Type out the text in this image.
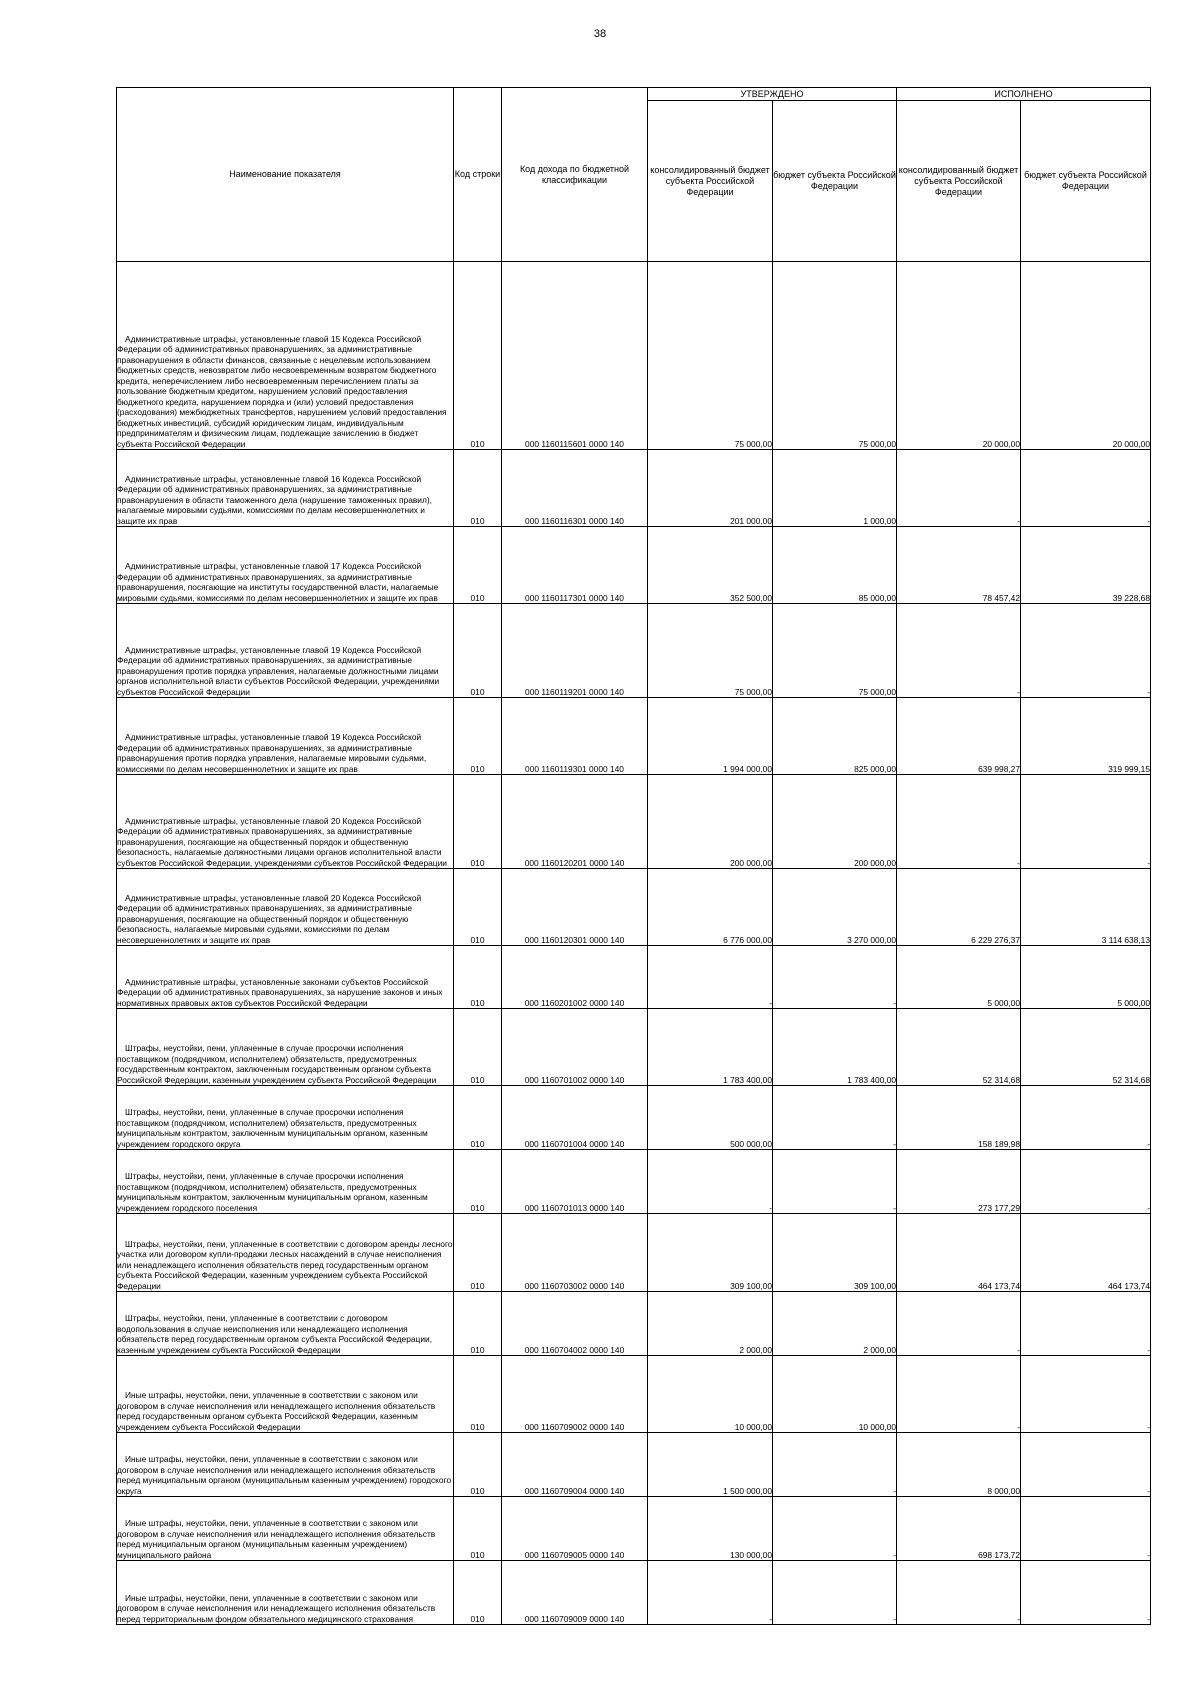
38
Наименование показателя	Код строки	Код дохода по бюджетной классификации	УТВЕРЖДЕНО		ИСПОЛНЕНО	
			консолидированный бюджет субъекта Российской Федерации	бюджет субъекта Российской Федерации	консолидированный бюджет субъекта Российской Федерации	бюджет субъекта Российской Федерации

Административные штрафы, установленные главой 15 Кодекса Российской Федерации об административных правонарушениях, за административные правонарушения в области финансов, связанные с нецелевым использованием бюджетных средств, невозвратом либо несвоевременным возвратом бюджетного кредита, неперечислением либо несвоевременным перечислением платы за пользование бюджетным кредитом, нарушением условий предоставления бюджетного кредита, нарушением порядка и (или) условий предоставления (расходования) межбюджетных трансфертов, нарушением условий предоставления бюджетных инвестиций, субсидий юридическим лицам, индивидуальным предпринимателям и физическим лицам, подлежащие зачислению в бюджет субъекта Российской Федерации	010	000 1160115601 0000 140	75 000,00	75 000,00	20 000,00	20 000,00

Административные штрафы, установленные главой 16 Кодекса Российской Федерации об административных правонарушениях, за административные правонарушения в области таможенного дела (нарушение таможенных правил), налагаемые мировыми судьями, комиссиями по делам несовершеннолетних и защите их прав	010	000 1160116301 0000 140	201 000,00	1 000,00	-	-

Административные штрафы, установленные главой 17 Кодекса Российской Федерации об административных правонарушениях, за административные правонарушения, посягающие на институты государственной власти, налагаемые мировыми судьями, комиссиями по делам несовершеннолетних и защите их прав	010	000 1160117301 0000 140	352 500,00	85 000,00	78 457,42	39 228,68

Административные штрафы, установленные главой 19 Кодекса Российской Федерации об административных правонарушениях, за административные правонарушения против порядка управления, налагаемые должностными лицами органов исполнительной власти субъектов Российской Федерации, учреждениями субъектов Российской Федерации	010	000 1160119201 0000 140	75 000,00	75 000,00	-	-

Административные штрафы, установленные главой 19 Кодекса Российской Федерации об административных правонарушениях, за административные правонарушения против порядка управления, налагаемые мировыми судьями, комиссиями по делам несовершеннолетних и защите их прав	010	000 1160119301 0000 140	1 994 000,00	825 000,00	639 998,27	319 999,15

Административные штрафы, установленные главой 20 Кодекса Российской Федерации об административных правонарушениях, за административные правонарушения, посягающие на общественный порядок и общественную безопасность, налагаемые должностными лицами органов исполнительной власти субъектов Российской Федерации, учреждениями субъектов Российской Федерации	010	000 1160120201 0000 140	200 000,00	200 000,00	-	-

Административные штрафы, установленные главой 20 Кодекса Российской Федерации об административных правонарушениях, за административные правонарушения, посягающие на общественный порядок и общественную безопасность, налагаемые мировыми судьями, комиссиями по делам несовершеннолетних и защите их прав	010	000 1160120301 0000 140	6 776 000,00	3 270 000,00	6 229 276,37	3 114 638,13

Административные штрафы, установленные законами субъектов Российской Федерации об административных правонарушениях, за нарушение законов и иных нормативных правовых актов субъектов Российской Федерации	010	000 1160201002 0000 140	-	-	5 000,00	5 000,00

Штрафы, неустойки, пени, уплаченные в случае просрочки исполнения поставщиком (подрядчиком, исполнителем) обязательств, предусмотренных государственным контрактом, заключенным государственным органом субъекта Российской Федерации, казенным учреждением субъекта Российской Федерации	010	000 1160701002 0000 140	1 783 400,00	1 783 400,00	52 314,68	52 314,68

Штрафы, неустойки, пени, уплаченные в случае просрочки исполнения поставщиком (подрядчиком, исполнителем) обязательств, предусмотренных муниципальным контрактом, заключенным муниципальным органом, казенным учреждением городского округа	010	000 1160701004 0000 140	500 000,00	-	158 189,98	-

Штрафы, неустойки, пени, уплаченные в случае просрочки исполнения поставщиком (подрядчиком, исполнителем) обязательств, предусмотренных муниципальным контрактом, заключенным муниципальным органом, казенным учреждением городского поселения	010	000 1160701013 0000 140	-	-	273 177,29	-

Штрафы, неустойки, пени, уплаченные в соответствии с договором аренды лесного участка или договором купли-продажи лесных насаждений в случае неисполнения или ненадлежащего исполнения обязательств перед государственным органом субъекта Российской Федерации, казенным учреждением субъекта Российской Федерации	010	000 1160703002 0000 140	309 100,00	309 100,00	464 173,74	464 173,74

Штрафы, неустойки, пени, уплаченные в соответствии с договором водопользования в случае неисполнения или ненадлежащего исполнения обязательств перед государственным органом субъекта Российской Федерации, казенным учреждением субъекта Российской Федерации	010	000 1160704002 0000 140	2 000,00	2 000,00	-	-

Иные штрафы, неустойки, пени, уплаченные в соответствии с законом или договором в случае неисполнения или ненадлежащего исполнения обязательств перед государственным органом субъекта Российской Федерации, казенным учреждением субъекта Российской Федерации	010	000 1160709002 0000 140	10 000,00	10 000,00	-	-

Иные штрафы, неустойки, пени, уплаченные в соответствии с законом или договором в случае неисполнения или ненадлежащего исполнения обязательств перед муниципальным органом (муниципальным казенным учреждением) городского округа	010	000 1160709004 0000 140	1 500 000,00	-	8 000,00	-

Иные штрафы, неустойки, пени, уплаченные в соответствии с законом или договором в случае неисполнения или ненадлежащего исполнения обязательств перед муниципальным органом (муниципальным казенным учреждением) муниципального района	010	000 1160709005 0000 140	130 000,00	-	698 173,72	-

Иные штрафы, неустойки, пени, уплаченные в соответствии с законом или договором в случае неисполнения или ненадлежащего исполнения обязательств перед территориальным фондом обязательного медицинского страхования	010	000 1160709009 0000 140	-	-	-	-
